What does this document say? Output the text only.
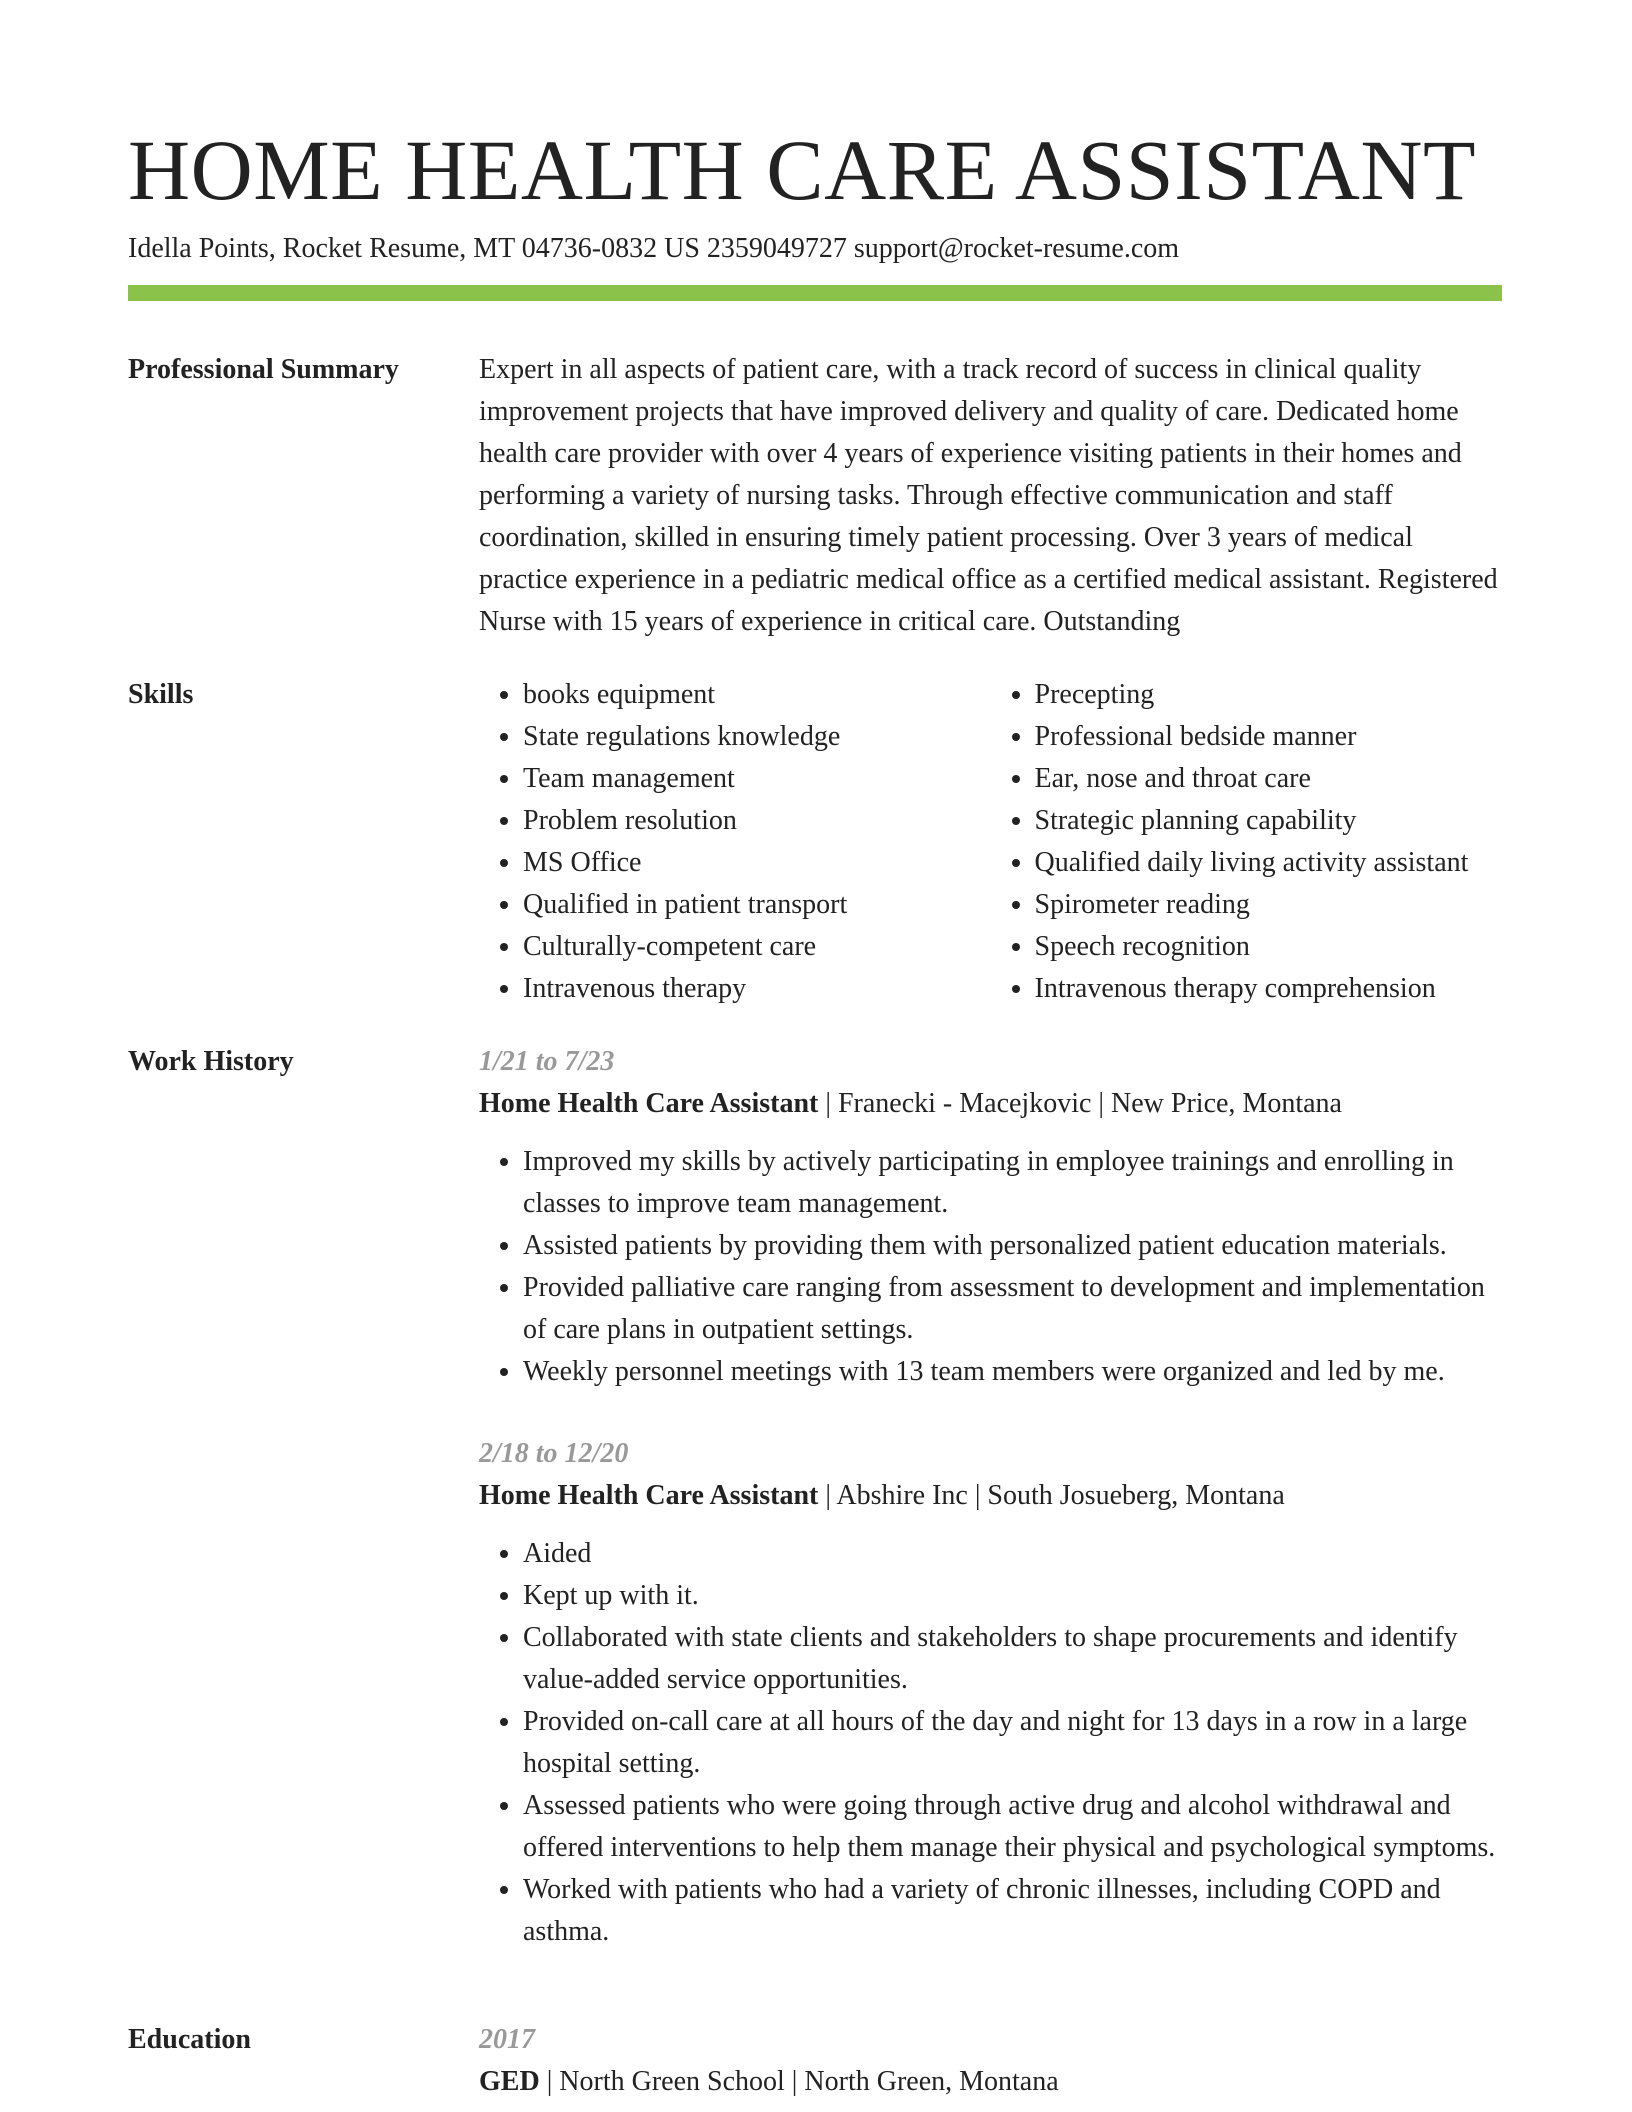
HOME HEALTH CARE ASSISTANT
Idella Points, Rocket Resume, MT 04736-0832 US 2359049727 support@rocket-resume.com
Professional Summary	Expert in all aspects of patient care, with a track record of success in clinical quality improvement projects that have improved delivery and quality of care. Dedicated home health care provider with over 4 years of experience visiting patients in their homes and performing a variety of nursing tasks. Through effective communication and staff coordination, skilled in ensuring timely patient processing. Over 3 years of medical practice experience in a pediatric medical office as a certified medical assistant. Registered Nurse with 15 years of experience in critical care. Outstanding

Skills
•	books equipment
• State regulations knowledge
• Team management
• Problem resolution
• MS Office
• Qualified in patient transport
• Culturally-competent care
• Intravenous therapy
• Precepting
• Professional bedside manner
• Ear, nose and throat care
• Strategic planning capability
• Qualified daily living activity assistant
• Spirometer reading
• Speech recognition
• Intravenous therapy comprehension
Work History	1/21 to 7/23
Home Health Care Assistant | Franecki - Macejkovic | New Price, Montana
• Improved my skills by actively participating in employee trainings and enrolling in classes to improve team management.
• Assisted patients by providing them with personalized patient education materials.
• Provided palliative care ranging from assessment to development and implementation of care plans in outpatient settings.
• Weekly personnel meetings with 13 team members were organized and led by me.
2/18 to 12/20
Home Health Care Assistant | Abshire Inc | South Josueberg, Montana
• Aided
• Kept up with it.
• Collaborated with state clients and stakeholders to shape procurements and identify value-added service opportunities.
• Provided on-call care at all hours of the day and night for 13 days in a row in a large hospital setting.
• Assessed patients who were going through active drug and alcohol withdrawal and offered interventions to help them manage their physical and psychological symptoms.
• Worked with patients who had a variety of chronic illnesses, including COPD and asthma.
Education	2017
GED | North Green School | North Green, Montana
